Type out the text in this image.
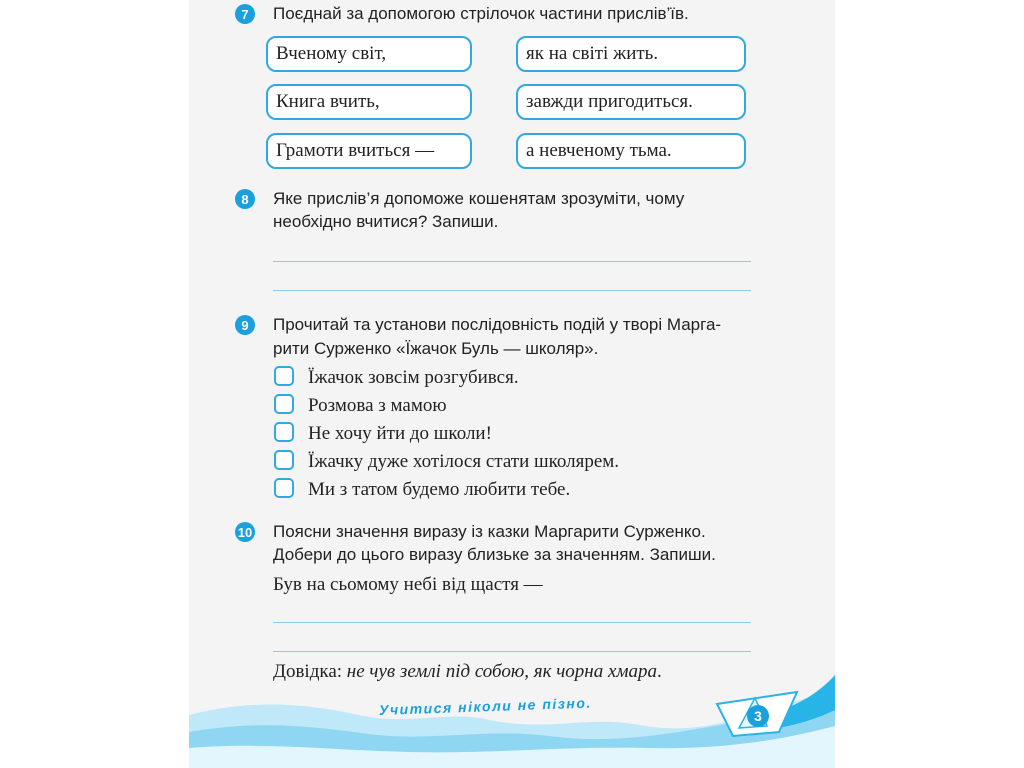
7	Поєднай за допомогою стрілочок частини прислів’їв.
Вченому світ,
Книга вчить,
Грамоти вчиться —
як на світі жить.
завжди пригодиться.
а невченому тьма.
8	Яке прислів’я допоможе кошенятам зрозуміти, чому
необхідно вчитися? Запиши.
9	Прочитай та установи послідовність подій у творі Марга-
рити Сурженко «Їжачок Буль — школяр».
Їжачок зовсім розгубився.
Розмова з мамою
Не хочу йти до школи!
Їжачку дуже хотілося стати школярем.
Ми з татом будемо любити тебе.
10 Поясни значення виразу із казки Маргарити Сурженко.
Добери до цього виразу близьке за значенням. Запиши.
Був на сьомому небі від щастя —
Довідка: не чув землі під собою, як чорна хмара.
Учитися ніколи не пізно.	3
